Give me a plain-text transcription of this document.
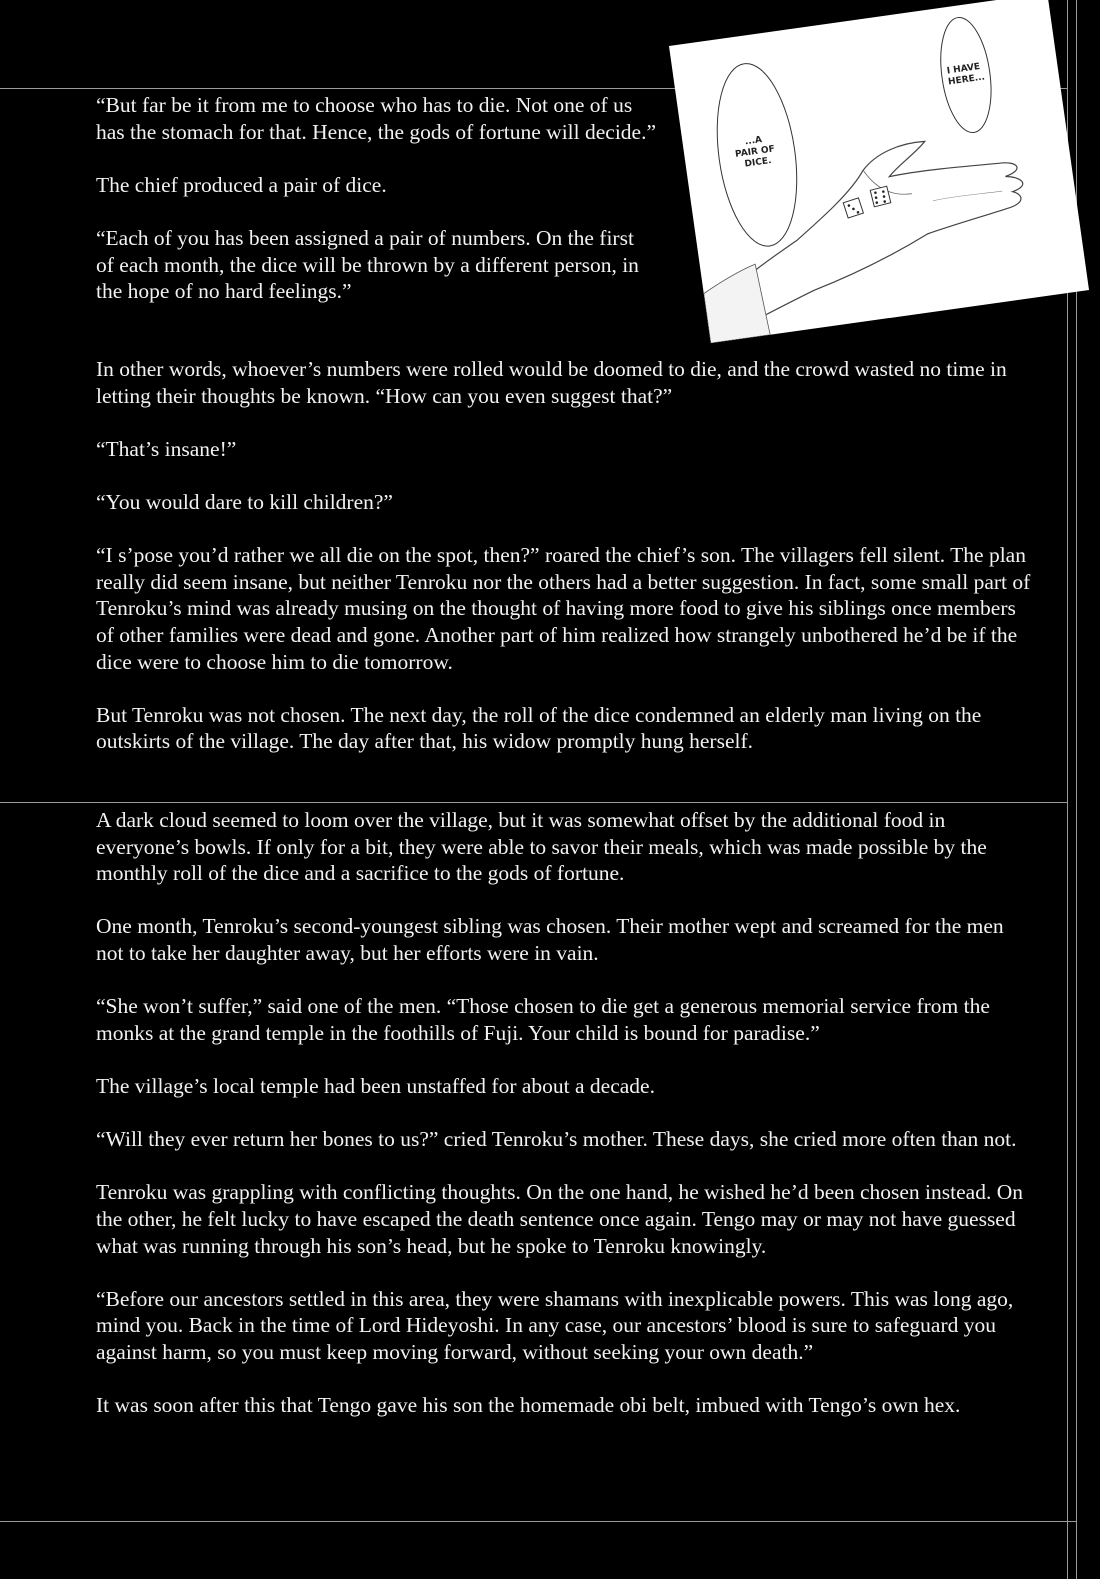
...A PAIR OF DICE.
I HAVE HERE...

“But far be it from me to choose who has to die. Not one of us has the stomach for that. Hence, the gods of fortune will decide.”

The chief produced a pair of dice.

“Each of you has been assigned a pair of numbers. On the first of each month, the dice will be thrown by a different person, in the hope of no hard feelings.”

In other words, whoever’s numbers were rolled would be doomed to die, and the crowd wasted no time in letting their thoughts be known. “How can you even suggest that?”

“That’s insane!”

“You would dare to kill children?”

“I s’pose you’d rather we all die on the spot, then?” roared the chief’s son. The villagers fell silent. The plan really did seem insane, but neither Tenroku nor the others had a better suggestion. In fact, some small part of Tenroku’s mind was already musing on the thought of having more food to give his siblings once members of other families were dead and gone. Another part of him realized how strangely unbothered he’d be if the dice were to choose him to die tomorrow.

But Tenroku was not chosen. The next day, the roll of the dice condemned an elderly man living on the outskirts of the village. The day after that, his widow promptly hung herself.

A dark cloud seemed to loom over the village, but it was somewhat offset by the additional food in everyone’s bowls. If only for a bit, they were able to savor their meals, which was made possible by the monthly roll of the dice and a sacrifice to the gods of fortune.

One month, Tenroku’s second-youngest sibling was chosen. Their mother wept and screamed for the men not to take her daughter away, but her efforts were in vain.

“She won’t suffer,” said one of the men. “Those chosen to die get a generous memorial service from the monks at the grand temple in the foothills of Fuji. Your child is bound for paradise.”

The village’s local temple had been unstaffed for about a decade.

“Will they ever return her bones to us?” cried Tenroku’s mother. These days, she cried more often than not.

Tenroku was grappling with conflicting thoughts. On the one hand, he wished he’d been chosen instead. On the other, he felt lucky to have escaped the death sentence once again. Tengo may or may not have guessed what was running through his son’s head, but he spoke to Tenroku knowingly.

“Before our ancestors settled in this area, they were shamans with inexplicable powers. This was long ago, mind you. Back in the time of Lord Hideyoshi. In any case, our ancestors’ blood is sure to safeguard you against harm, so you must keep moving forward, without seeking your own death.”

It was soon after this that Tengo gave his son the homemade obi belt, imbued with Tengo’s own hex.
